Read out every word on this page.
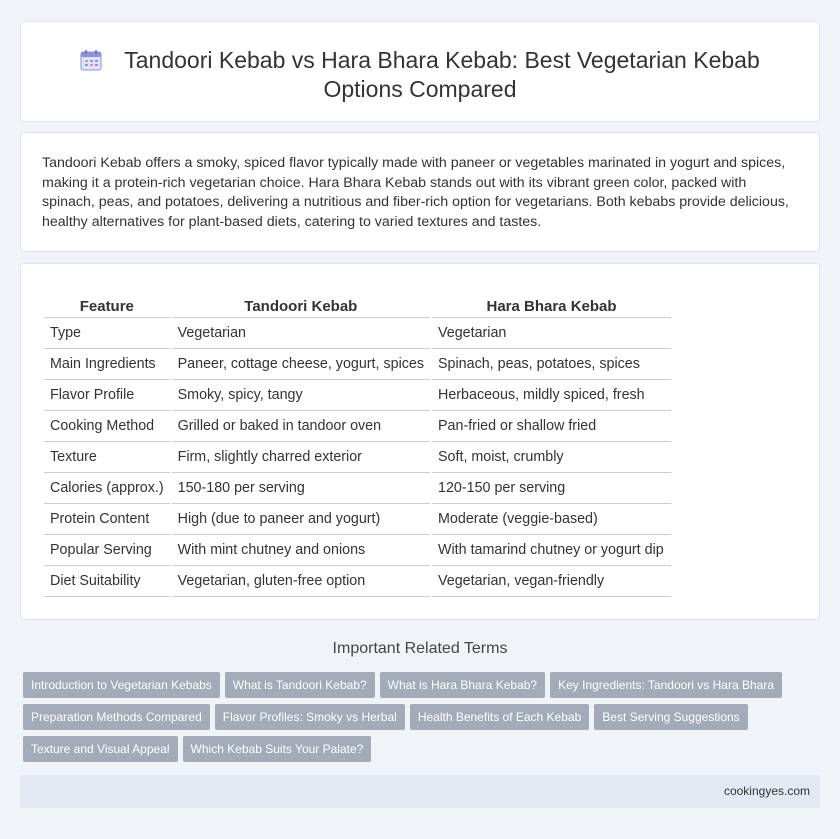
Tandoori Kebab vs Hara Bhara Kebab: Best Vegetarian Kebab Options Compared

Tandoori Kebab offers a smoky, spiced flavor typically made with paneer or vegetables marinated in yogurt and spices, making it a protein-rich vegetarian choice. Hara Bhara Kebab stands out with its vibrant green color, packed with spinach, peas, and potatoes, delivering a nutritious and fiber-rich option for vegetarians. Both kebabs provide delicious, healthy alternatives for plant-based diets, catering to varied textures and tastes.

Feature	Tandoori Kebab	Hara Bhara Kebab
Type	Vegetarian	Vegetarian
Main Ingredients	Paneer, cottage cheese, yogurt, spices	Spinach, peas, potatoes, spices
Flavor Profile	Smoky, spicy, tangy	Herbaceous, mildly spiced, fresh
Cooking Method	Grilled or baked in tandoor oven	Pan-fried or shallow fried
Texture	Firm, slightly charred exterior	Soft, moist, crumbly
Calories (approx.)	150-180 per serving	120-150 per serving
Protein Content	High (due to paneer and yogurt)	Moderate (veggie-based)
Popular Serving	With mint chutney and onions	With tamarind chutney or yogurt dip
Diet Suitability	Vegetarian, gluten-free option	Vegetarian, vegan-friendly
Important Related Terms
Introduction to Vegetarian Kebabs What is Tandoori Kebab? What is Hara Bhara Kebab? Key Ingredients: Tandoori vs Hara Bhara
Preparation Methods Compared Flavor Profiles: Smoky vs Herbal Health Benefits of Each Kebab Best Serving Suggestions
Texture and Visual Appeal Which Kebab Suits Your Palate?
cookingyes.com
